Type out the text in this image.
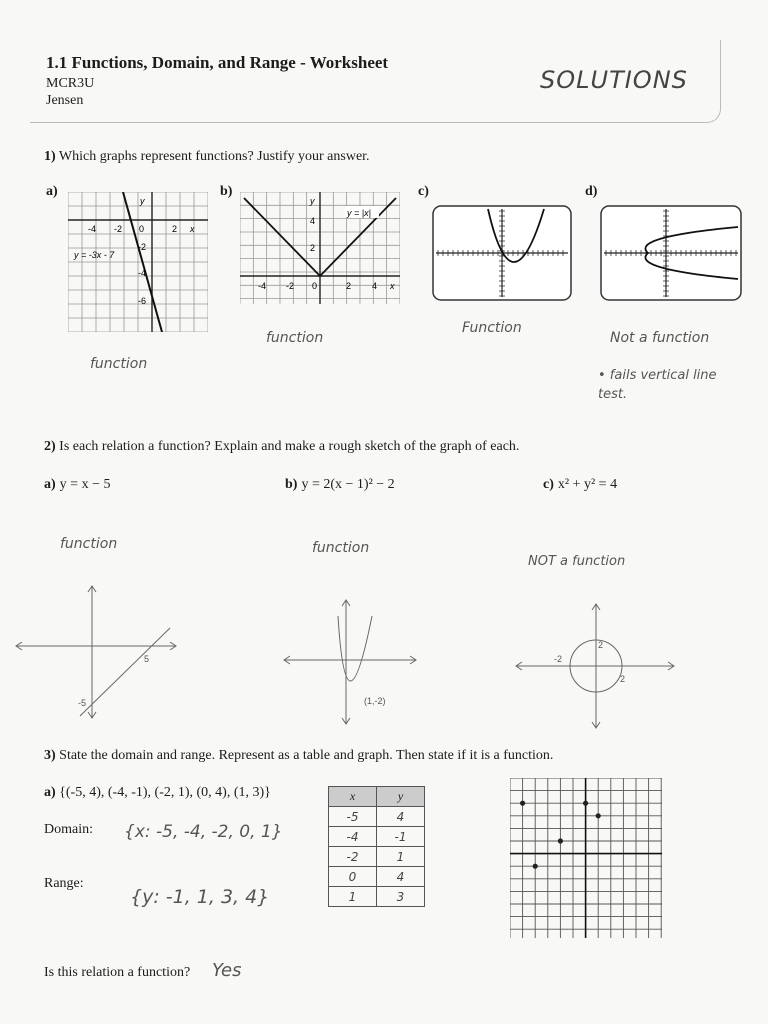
1.1 Functions, Domain, and Range - Worksheet
MCR3U
Jensen
SOLUTIONS
1) Which graphs represent functions? Justify your answer.
a)	b)	c)	d)
-4 -2 0	2 x
y
-2
-4
-6
y = -3x - 7
function
-4 -2 0	2 4 x
y
4
2
y = |x|
function
Function
Not a function
• fails vertical line test.
2) Is each relation a function? Explain and make a rough sketch of the graph of each.
a) y = x − 5	b) y = 2(x − 1)² − 2	c) x² + y² = 4
function	function
NOT a function
5
-5	(1,-2)
-2
2
2
3) State the domain and range. Represent as a table and graph. Then state if it is a function.
a) {(-5, 4), (-4, -1), (-2, 1), (0, 4), (1, 3)}
Domain: {x: -5, -4, -2, 0, 1}
Range:
{y: -1, 1, 3, 4}
x	y
-5	4
-4	-1
-2	1
0	4
1	3
Is this relation a function? Yes
